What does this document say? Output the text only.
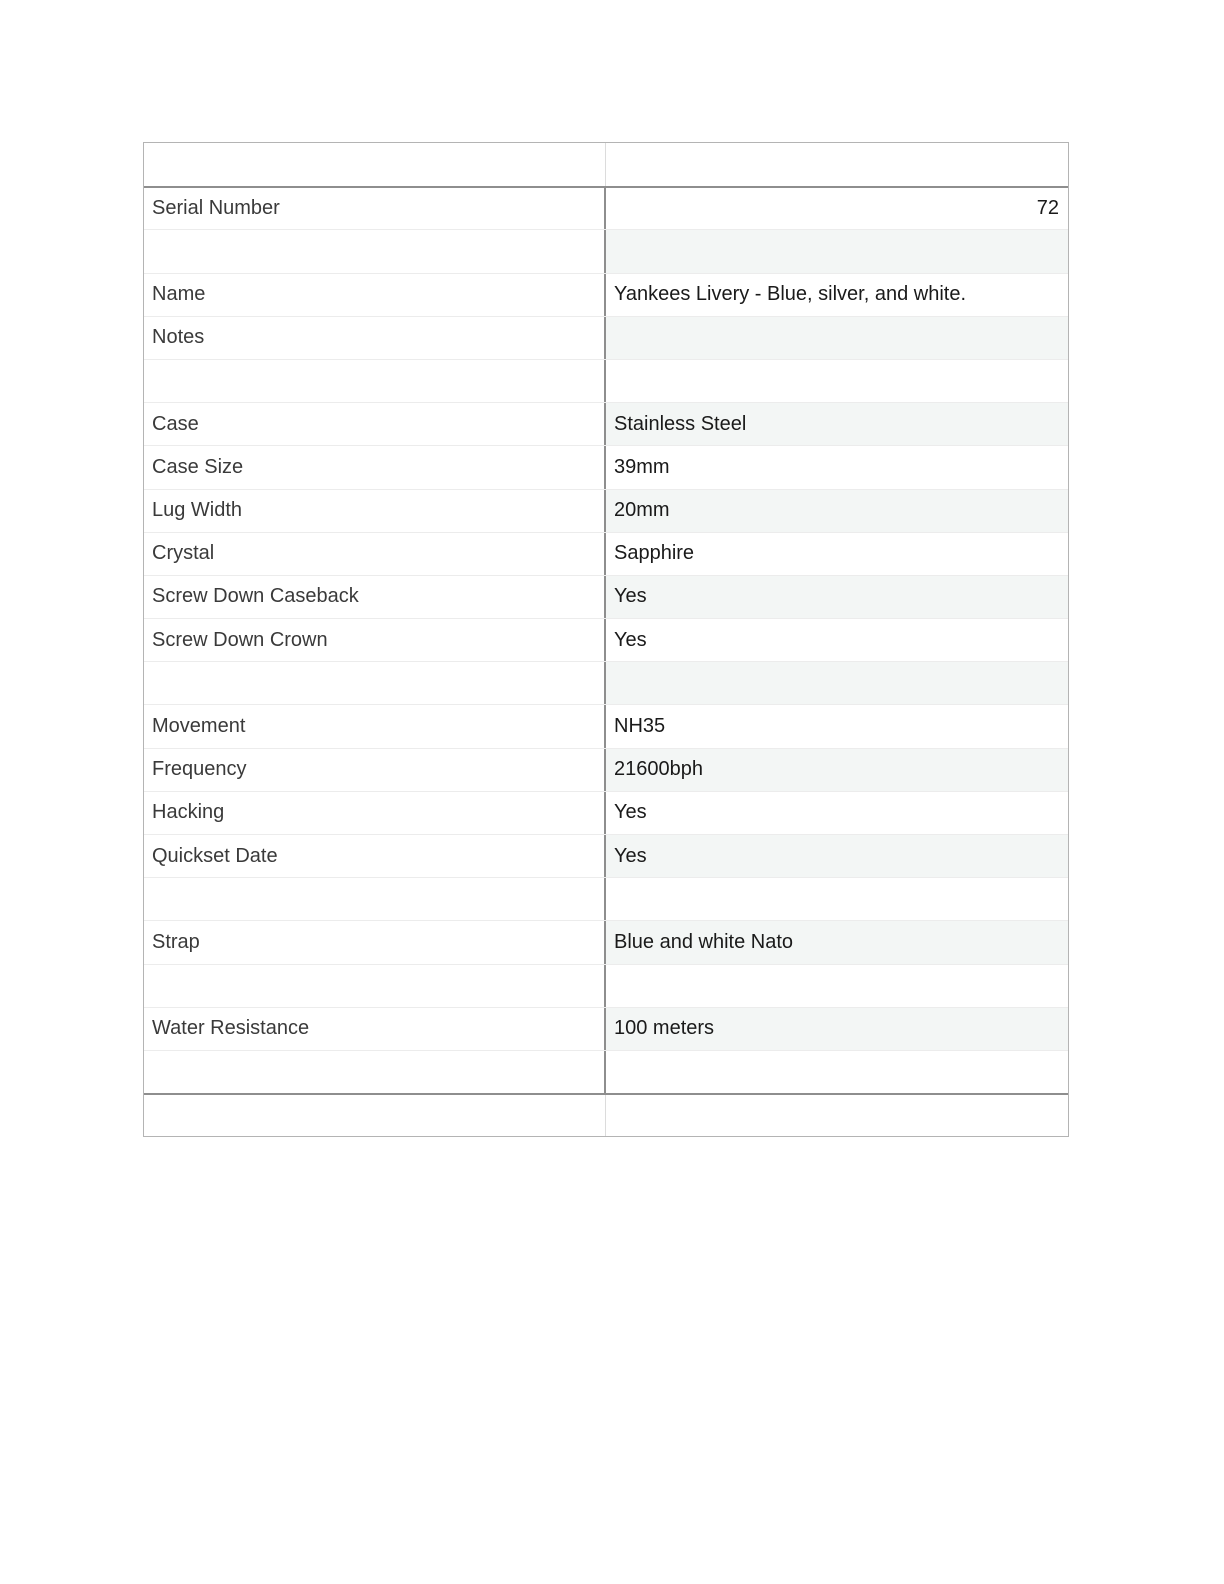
Serial Number	72
Name	Yankees Livery - Blue, silver, and white.
Notes
Case	Stainless Steel
Case Size	39mm
Lug Width	20mm
Crystal	Sapphire
Screw Down Caseback	Yes
Screw Down Crown	Yes
Movement	NH35
Frequency	21600bph
Hacking	Yes
Quickset Date	Yes
Strap	Blue and white Nato
Water Resistance	100 meters
